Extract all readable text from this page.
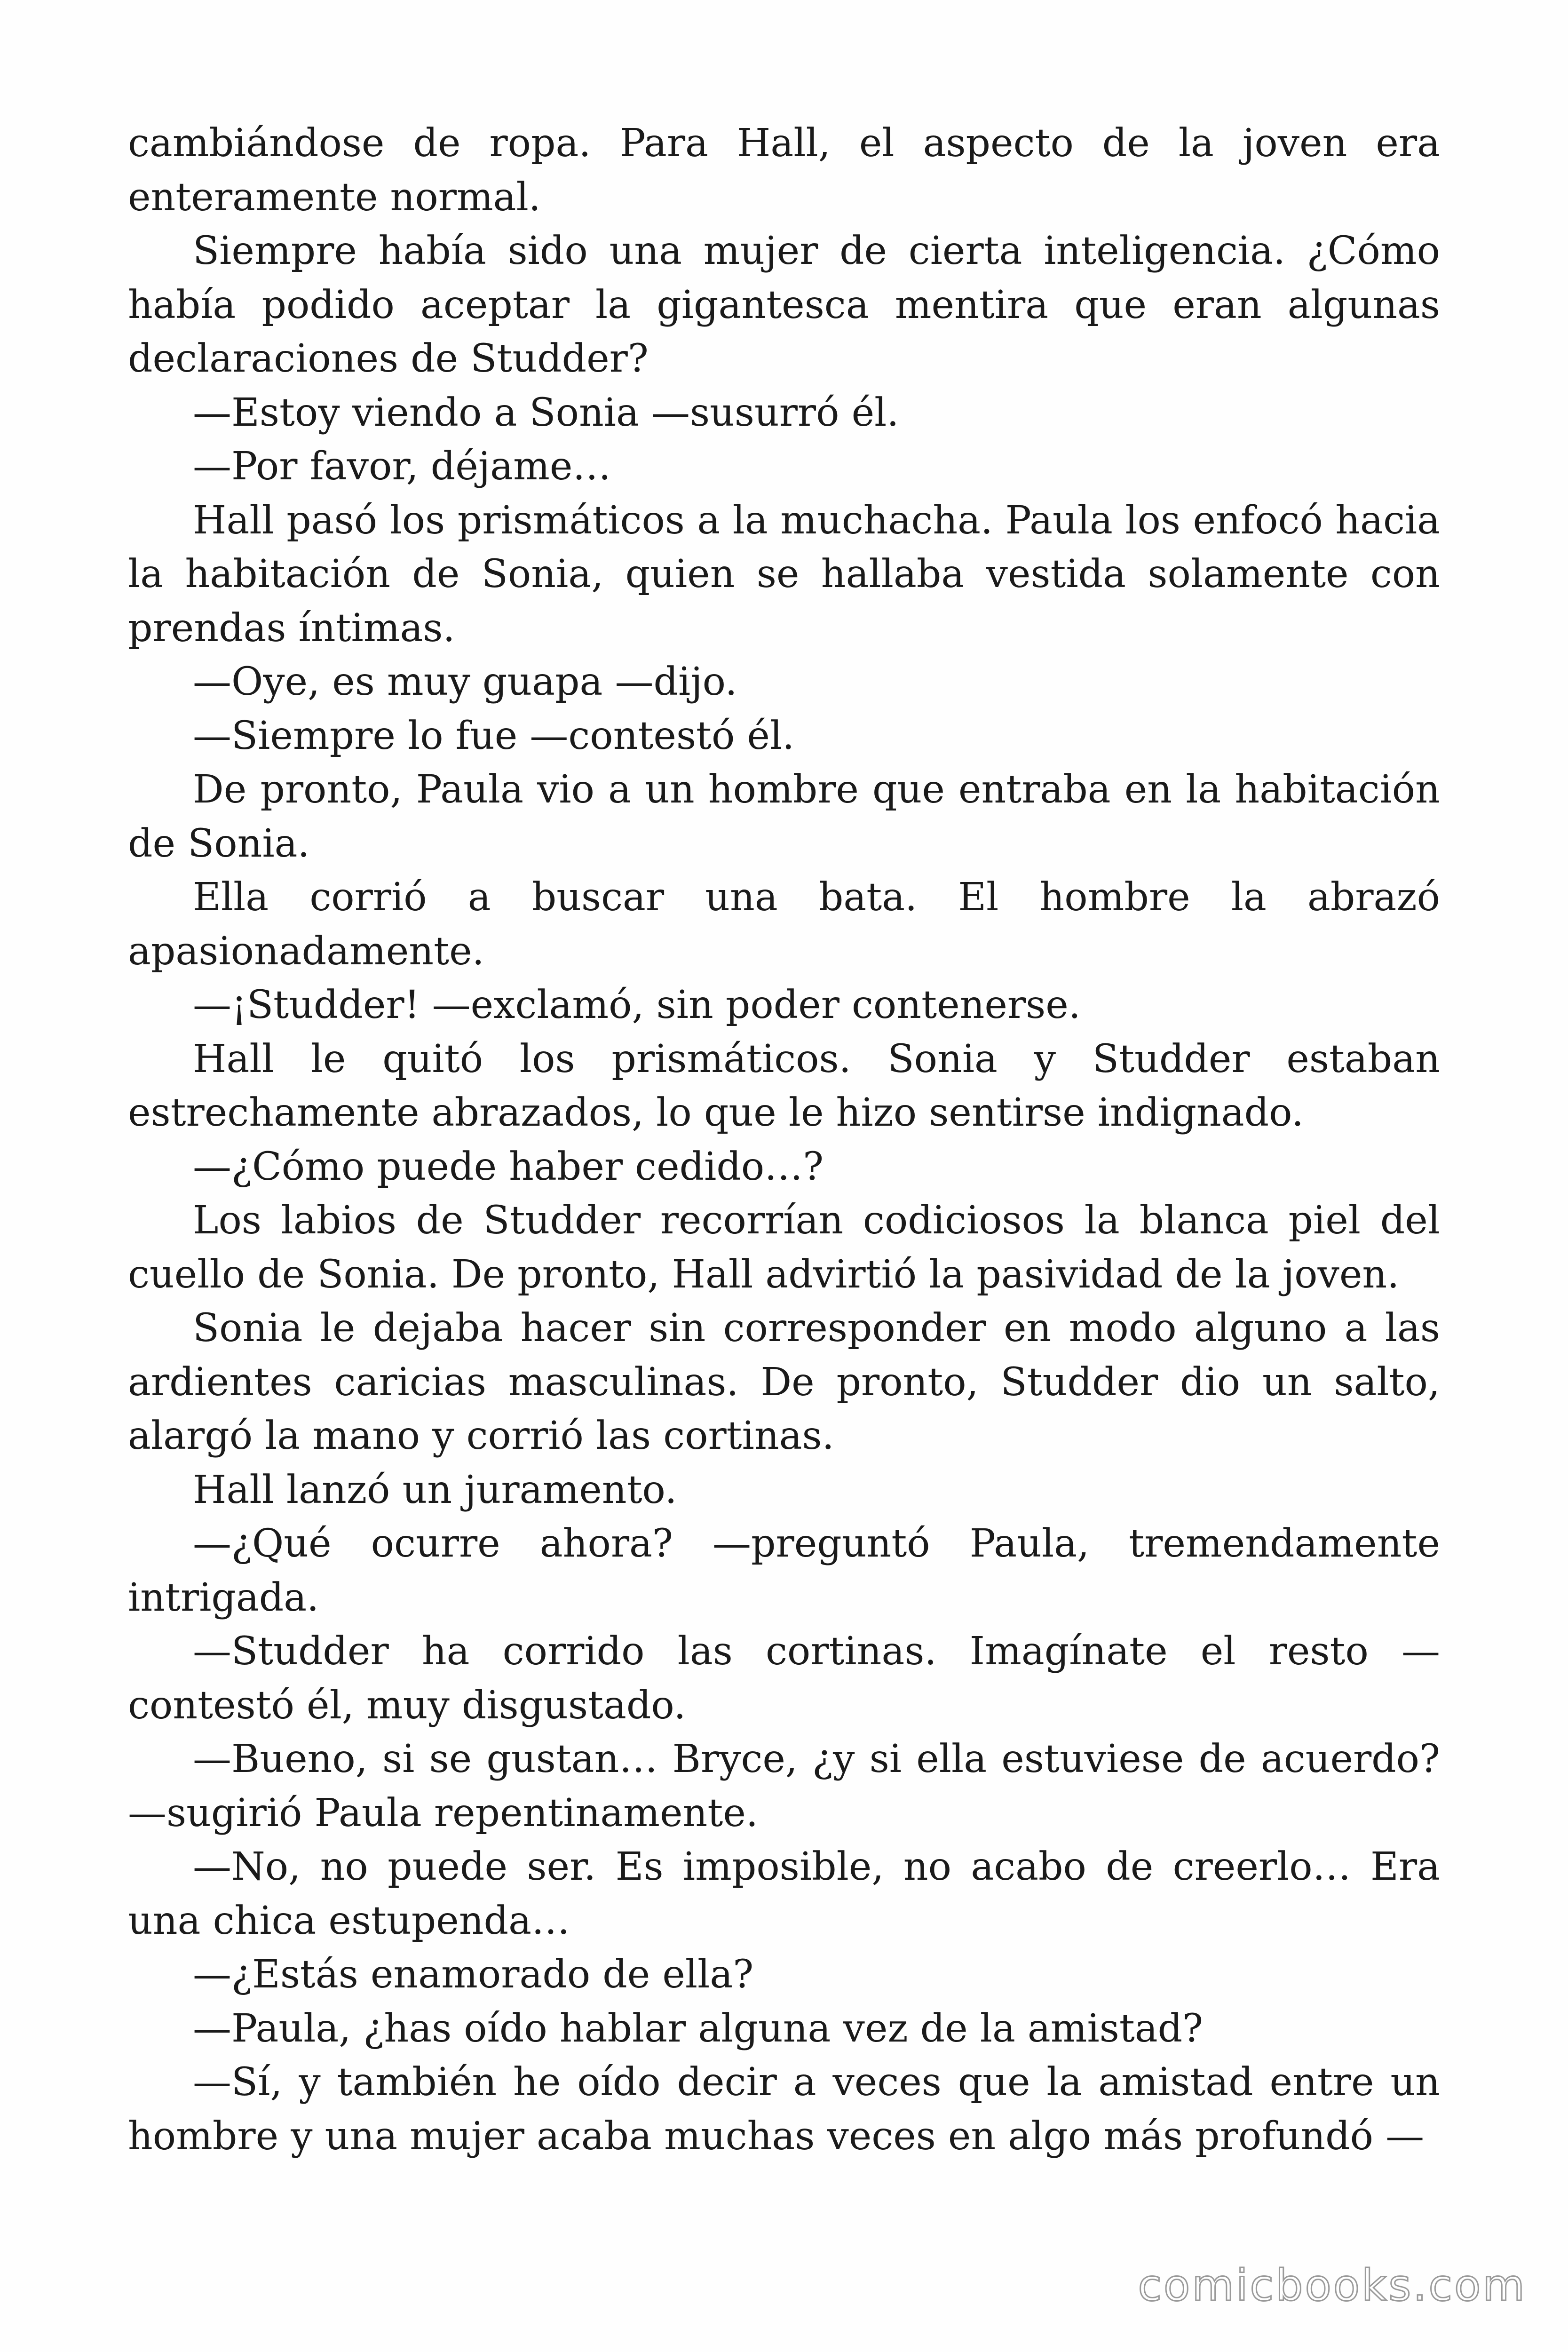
cambiándose de ropa. Para Hall, el aspecto de la joven era enteramente normal.

Siempre había sido una mujer de cierta inteligencia. ¿Cómo había podido aceptar la gigantesca mentira que eran algunas declaraciones de Studder?

—Estoy viendo a Sonia —susurró él.

—Por favor, déjame…

Hall pasó los prismáticos a la muchacha. Paula los enfocó hacia la habitación de Sonia, quien se hallaba vestida solamente con prendas íntimas.

—Oye, es muy guapa —dijo.

—Siempre lo fue —contestó él.

De pronto, Paula vio a un hombre que entraba en la habitación de Sonia.

Ella corrió a buscar una bata. El hombre la abrazó apasionadamente.

—¡Studder! —exclamó, sin poder contenerse.

Hall le quitó los prismáticos. Sonia y Studder estaban estrechamente abrazados, lo que le hizo sentirse indignado.

—¿Cómo puede haber cedido…?

Los labios de Studder recorrían codiciosos la blanca piel del cuello de Sonia. De pronto, Hall advirtió la pasividad de la joven.

Sonia le dejaba hacer sin corresponder en modo alguno a las ardientes caricias masculinas. De pronto, Studder dio un salto, alargó la mano y corrió las cortinas.

Hall lanzó un juramento.

—¿Qué ocurre ahora? —preguntó Paula, tremendamente intrigada.

—Studder ha corrido las cortinas. Imagínate el resto —contestó él, muy disgustado.

—Bueno, si se gustan… Bryce, ¿y si ella estuviese de acuerdo? —sugirió Paula repentinamente.

—No, no puede ser. Es imposible, no acabo de creerlo… Era una chica estupenda…

—¿Estás enamorado de ella?

—Paula, ¿has oído hablar alguna vez de la amistad?

—Sí, y también he oído decir a veces que la amistad entre un hombre y una mujer acaba muchas veces en algo más profundó —

comicbooks.com
